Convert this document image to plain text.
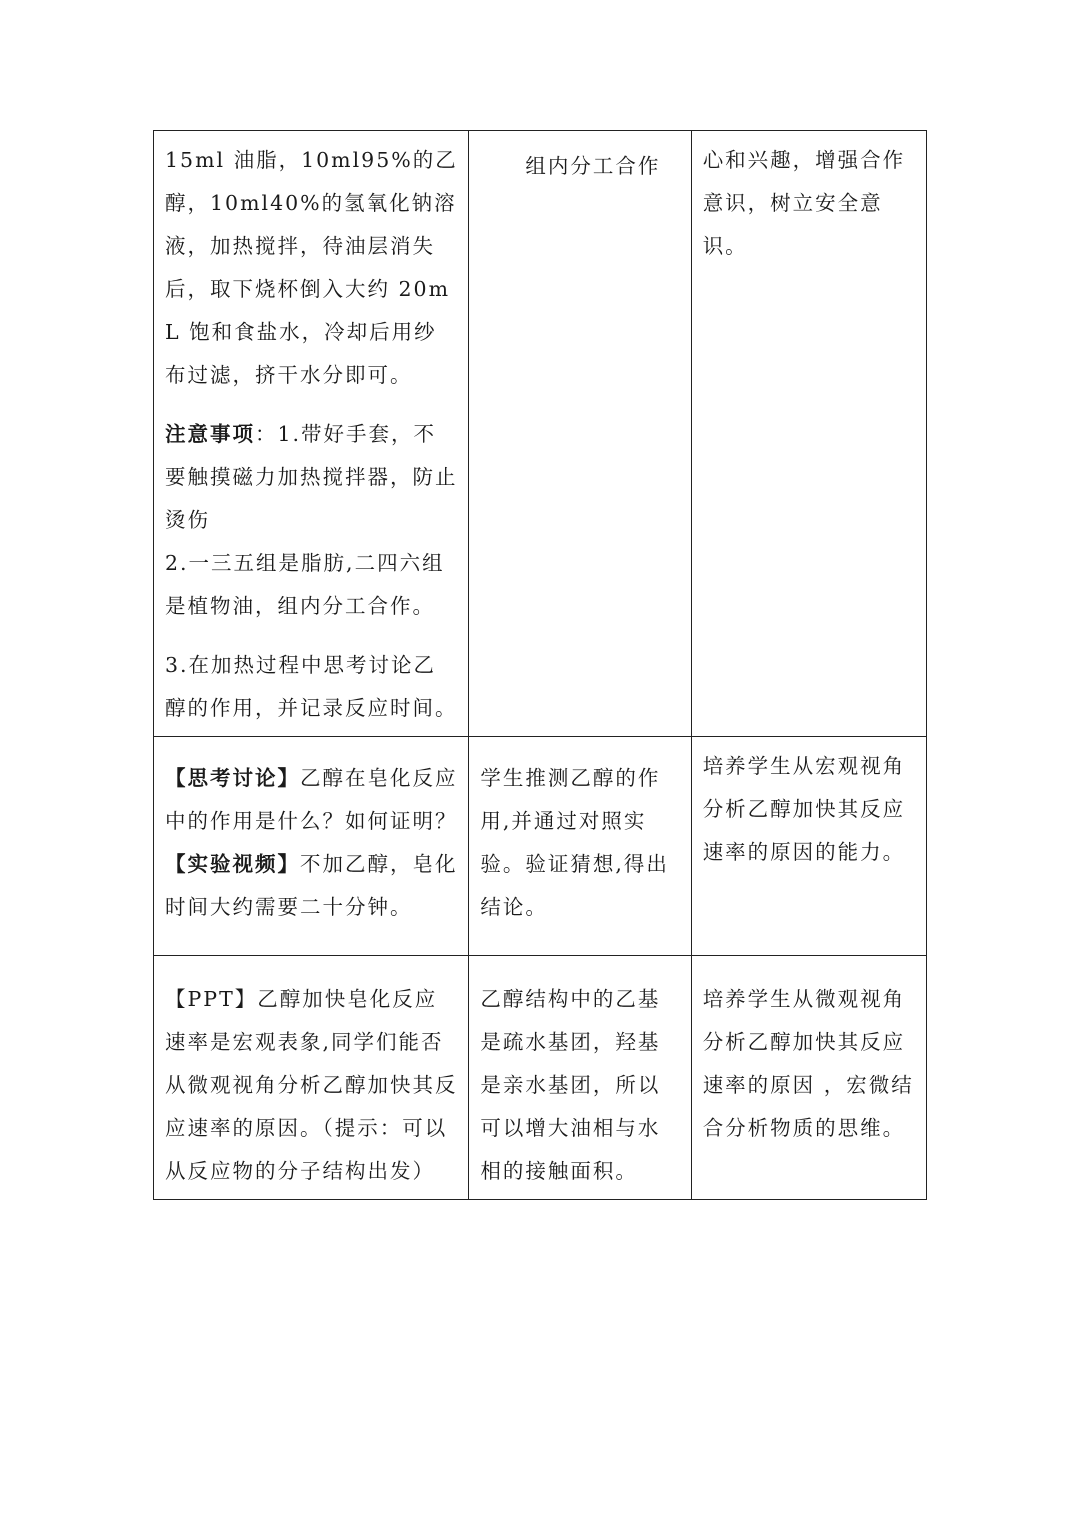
15ml 油脂，10ml95%的乙醇，10ml40%的氢氧化钠溶液，加热搅拌，待油层消失后，取下烧杯倒入大约 20mL 饱和食盐水，冷却后用纱布过滤，挤干水分即可。

注意事项：1.带好手套，不要触摸磁力加热搅拌器，防止烫伤
2.一三五组是脂肪,二四六组是植物油，组内分工合作。

3.在加热过程中思考讨论乙醇的作用，并记录反应时间。	组内分工合作	心和兴趣，增强合作意识，树立安全意识。

【思考讨论】乙醇在皂化反应中的作用是什么？如何证明？

【实验视频】不加乙醇，皂化时间大约需要二十分钟。	学生推测乙醇的作用,并通过对照实验。验证猜想,得出结论。	培养学生从宏观视角分析乙醇加快其反应速率的原因的能力。

【PPT】乙醇加快皂化反应速率是宏观表象,同学们能否从微观视角分析乙醇加快其反应速率的原因。（提示：可以从反应物的分子结构出发）	乙醇结构中的乙基是疏水基团，羟基是亲水基团，所以可以增大油相与水相的接触面积。	培养学生从微观视角分析乙醇加快其反应速率的原因 ，宏微结合分析物质的思维。
